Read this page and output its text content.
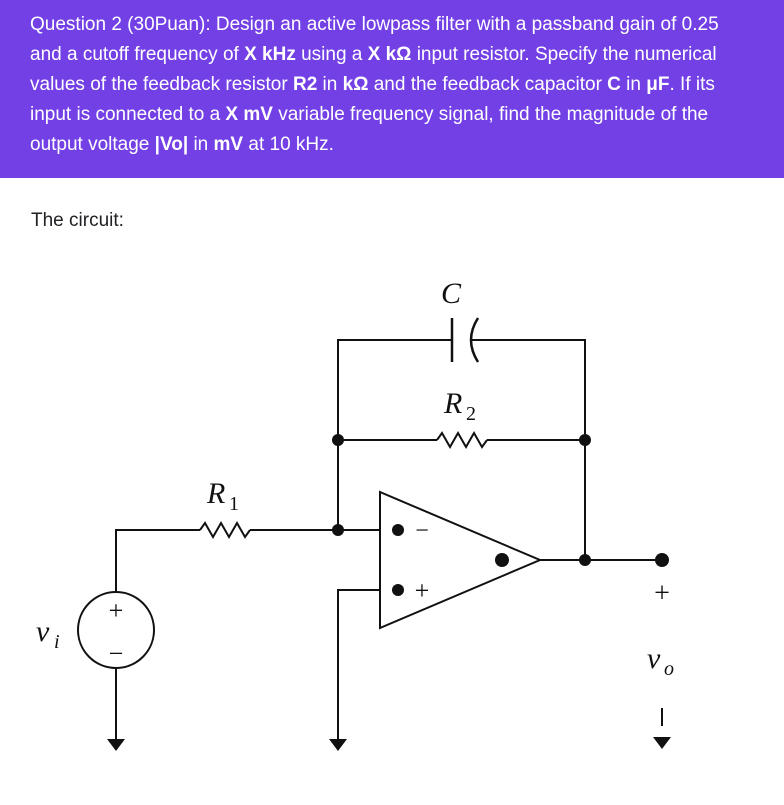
Question 2 (30Puan): Design an active lowpass filter with a passband gain of 0.25 and a cutoff frequency of X kHz using a X kΩ input resistor. Specify the numerical values of the feedback resistor R2 in kΩ and the feedback capacitor C in μF. If its input is connected to a X mV variable frequency signal, find the magnitude of the output voltage |Vo| in mV at 10 kHz.

The circuit:
C
R 2
R 1
v i	v o
+
−
−
+	+
